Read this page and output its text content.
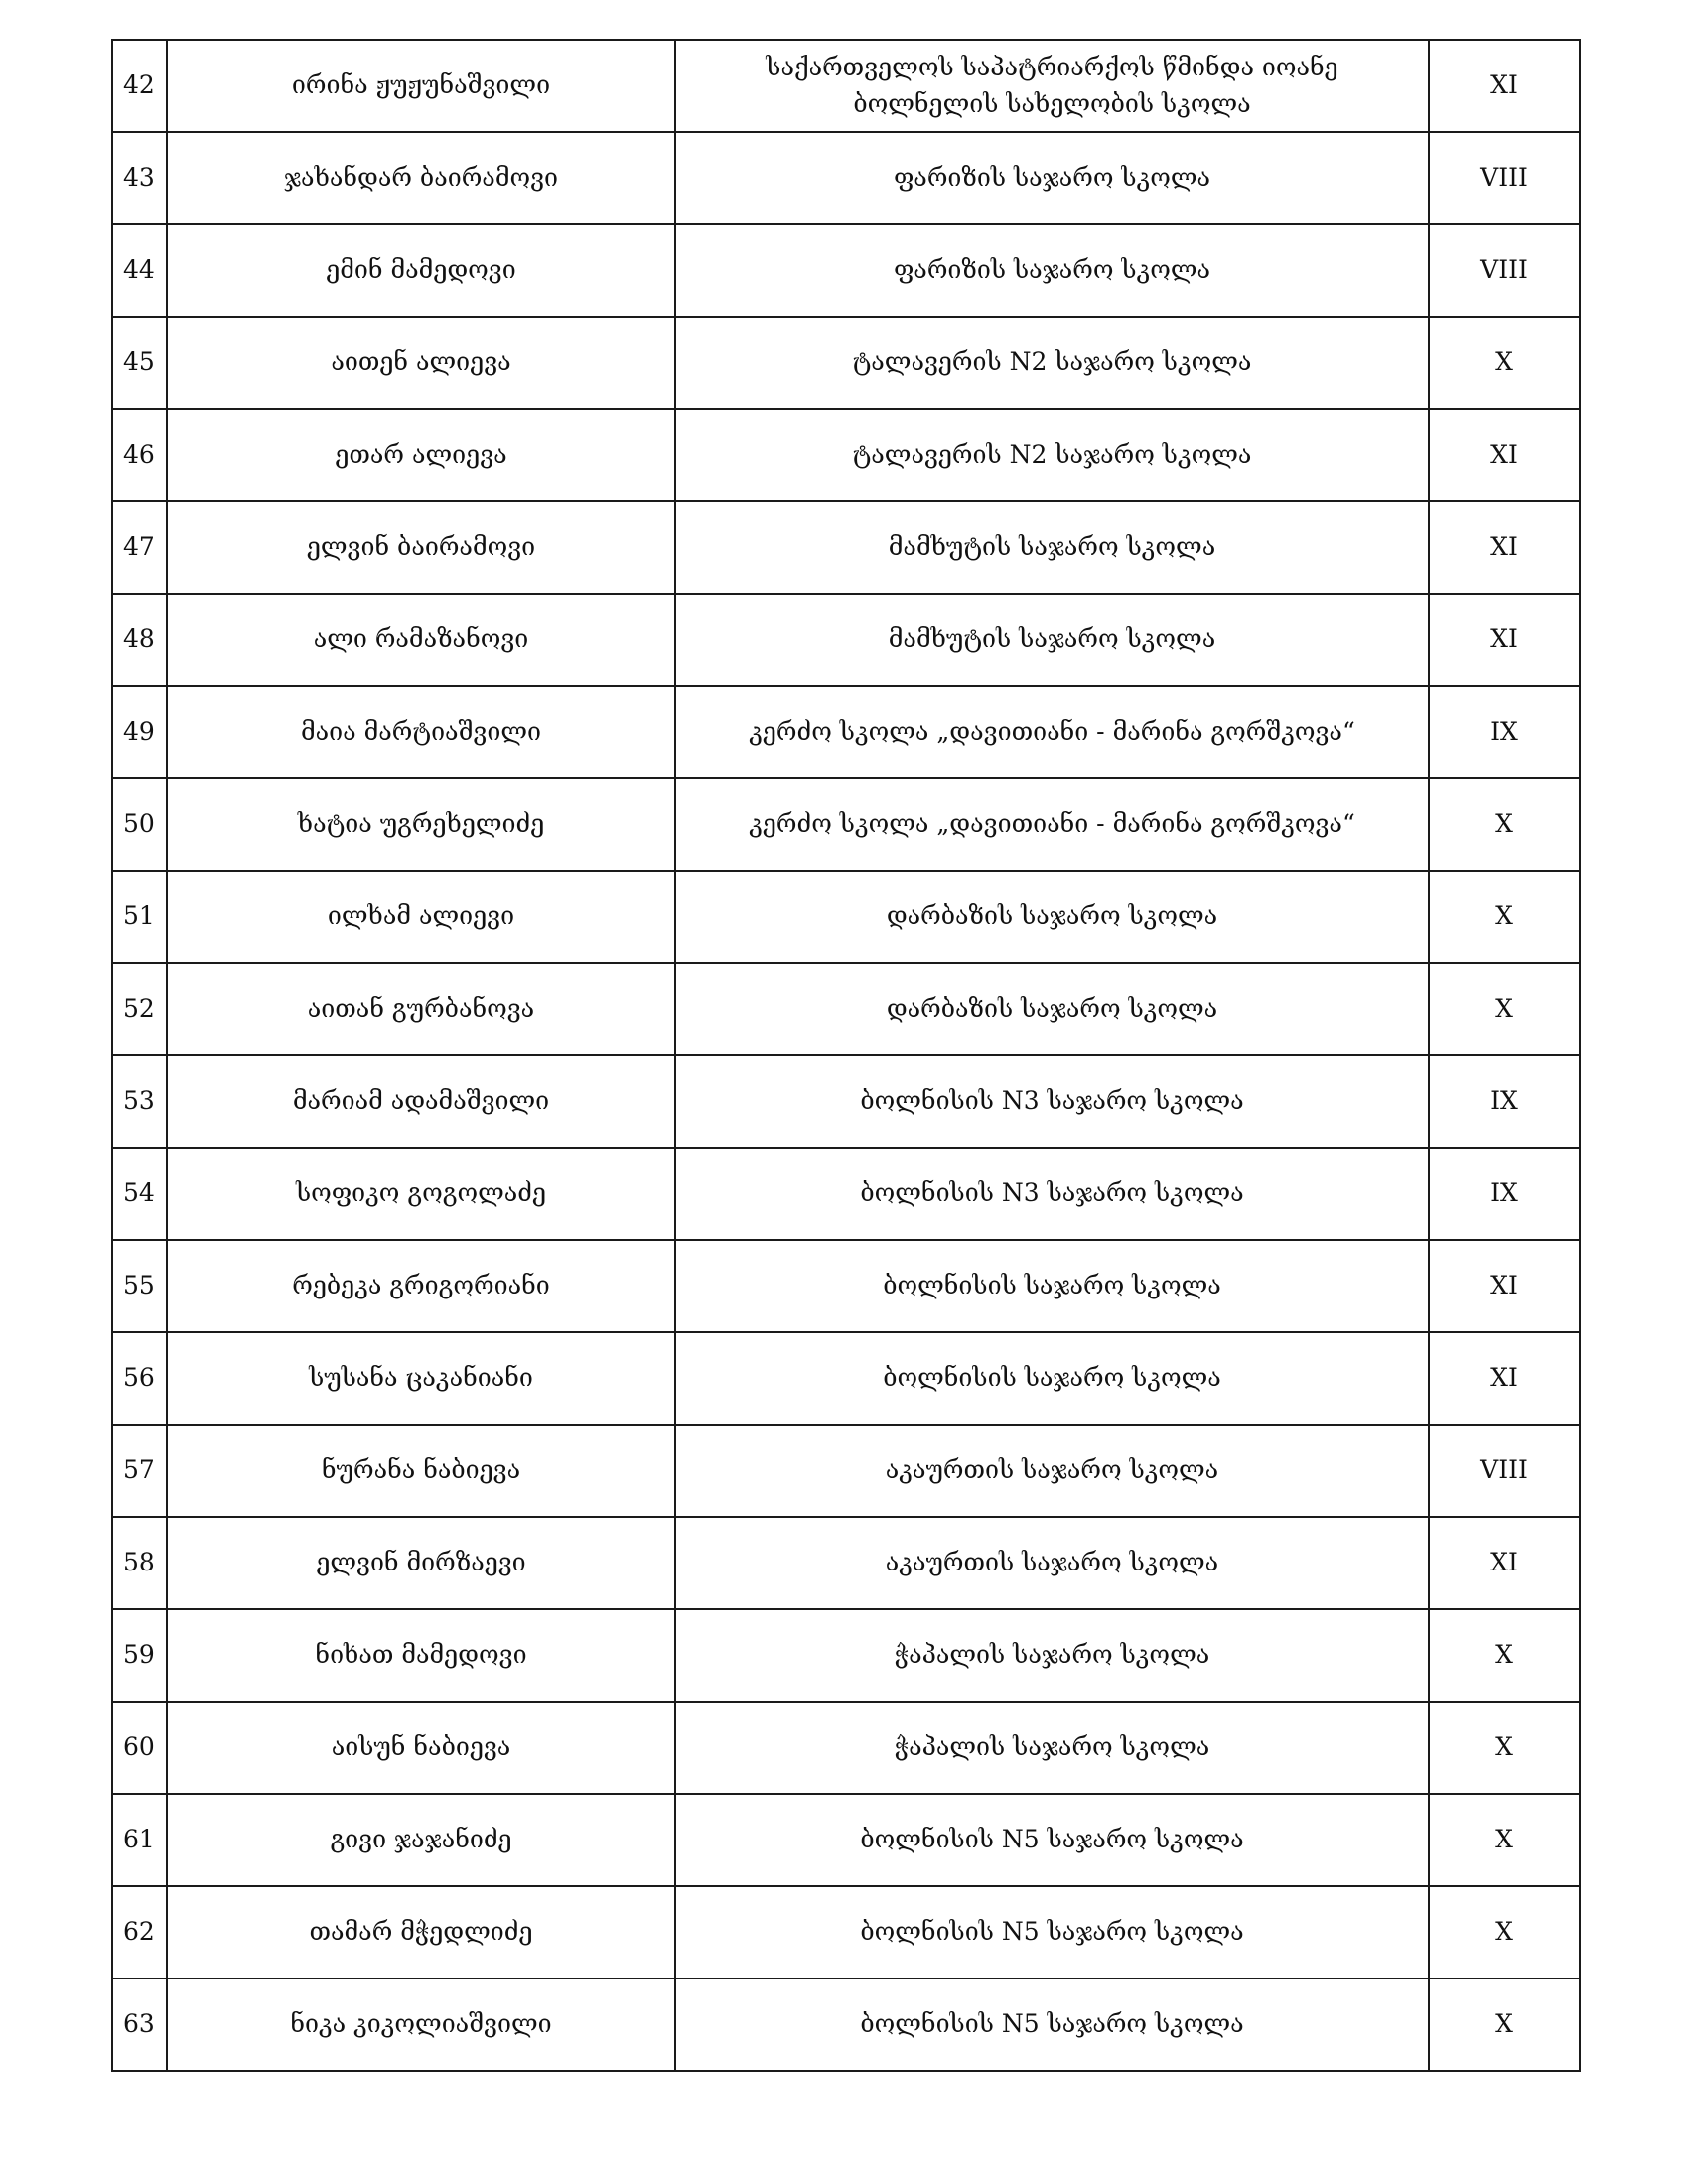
42	ირინა ჟუჟუნაშვილი	საქართველოს საპატრიარქოს წმინდა იოანე ბოლნელის სახელობის სკოლა	XI
43	ჯახანდარ ბაირამოვი	ფარიზის საჯარო სკოლა	VIII
44	ემინ მამედოვი	ფარიზის საჯარო სკოლა	VIII
45	აითენ ალიევა	ტალავერის N2 საჯარო სკოლა	X
46	ეთარ ალიევა	ტალავერის N2 საჯარო სკოლა	XI
47	ელვინ ბაირამოვი	მამხუტის საჯარო სკოლა	XI
48	ალი რამაზანოვი	მამხუტის საჯარო სკოლა	XI
49	მაია მარტიაშვილი	კერძო სკოლა „დავითიანი - მარინა გორშკოვა“	IX
50	ხატია უგრეხელიძე	კერძო სკოლა „დავითიანი - მარინა გორშკოვა“	X
51	ილხამ ალიევი	დარბაზის საჯარო სკოლა	X
52	აითან გურბანოვა	დარბაზის საჯარო სკოლა	X
53	მარიამ ადამაშვილი	ბოლნისის N3 საჯარო სკოლა	IX
54	სოფიკო გოგოლაძე	ბოლნისის N3 საჯარო სკოლა	IX
55	რებეკა გრიგორიანი	ბოლნისის საჯარო სკოლა	XI
56	სუსანა ცაკანიანი	ბოლნისის საჯარო სკოლა	XI
57	ნურანა ნაბიევა	აკაურთის საჯარო სკოლა	VIII
58	ელვინ მირზაევი	აკაურთის საჯარო სკოლა	XI
59	ნიხათ მამედოვი	ჭაპალის საჯარო სკოლა	X
60	აისუნ ნაბიევა	ჭაპალის საჯარო სკოლა	X
61	გივი ჯაჯანიძე	ბოლნისის N5 საჯარო სკოლა	X
62	თამარ მჭედლიძე	ბოლნისის N5 საჯარო სკოლა	X
63	ნიკა კიკოლიაშვილი	ბოლნისის N5 საჯარო სკოლა	X
